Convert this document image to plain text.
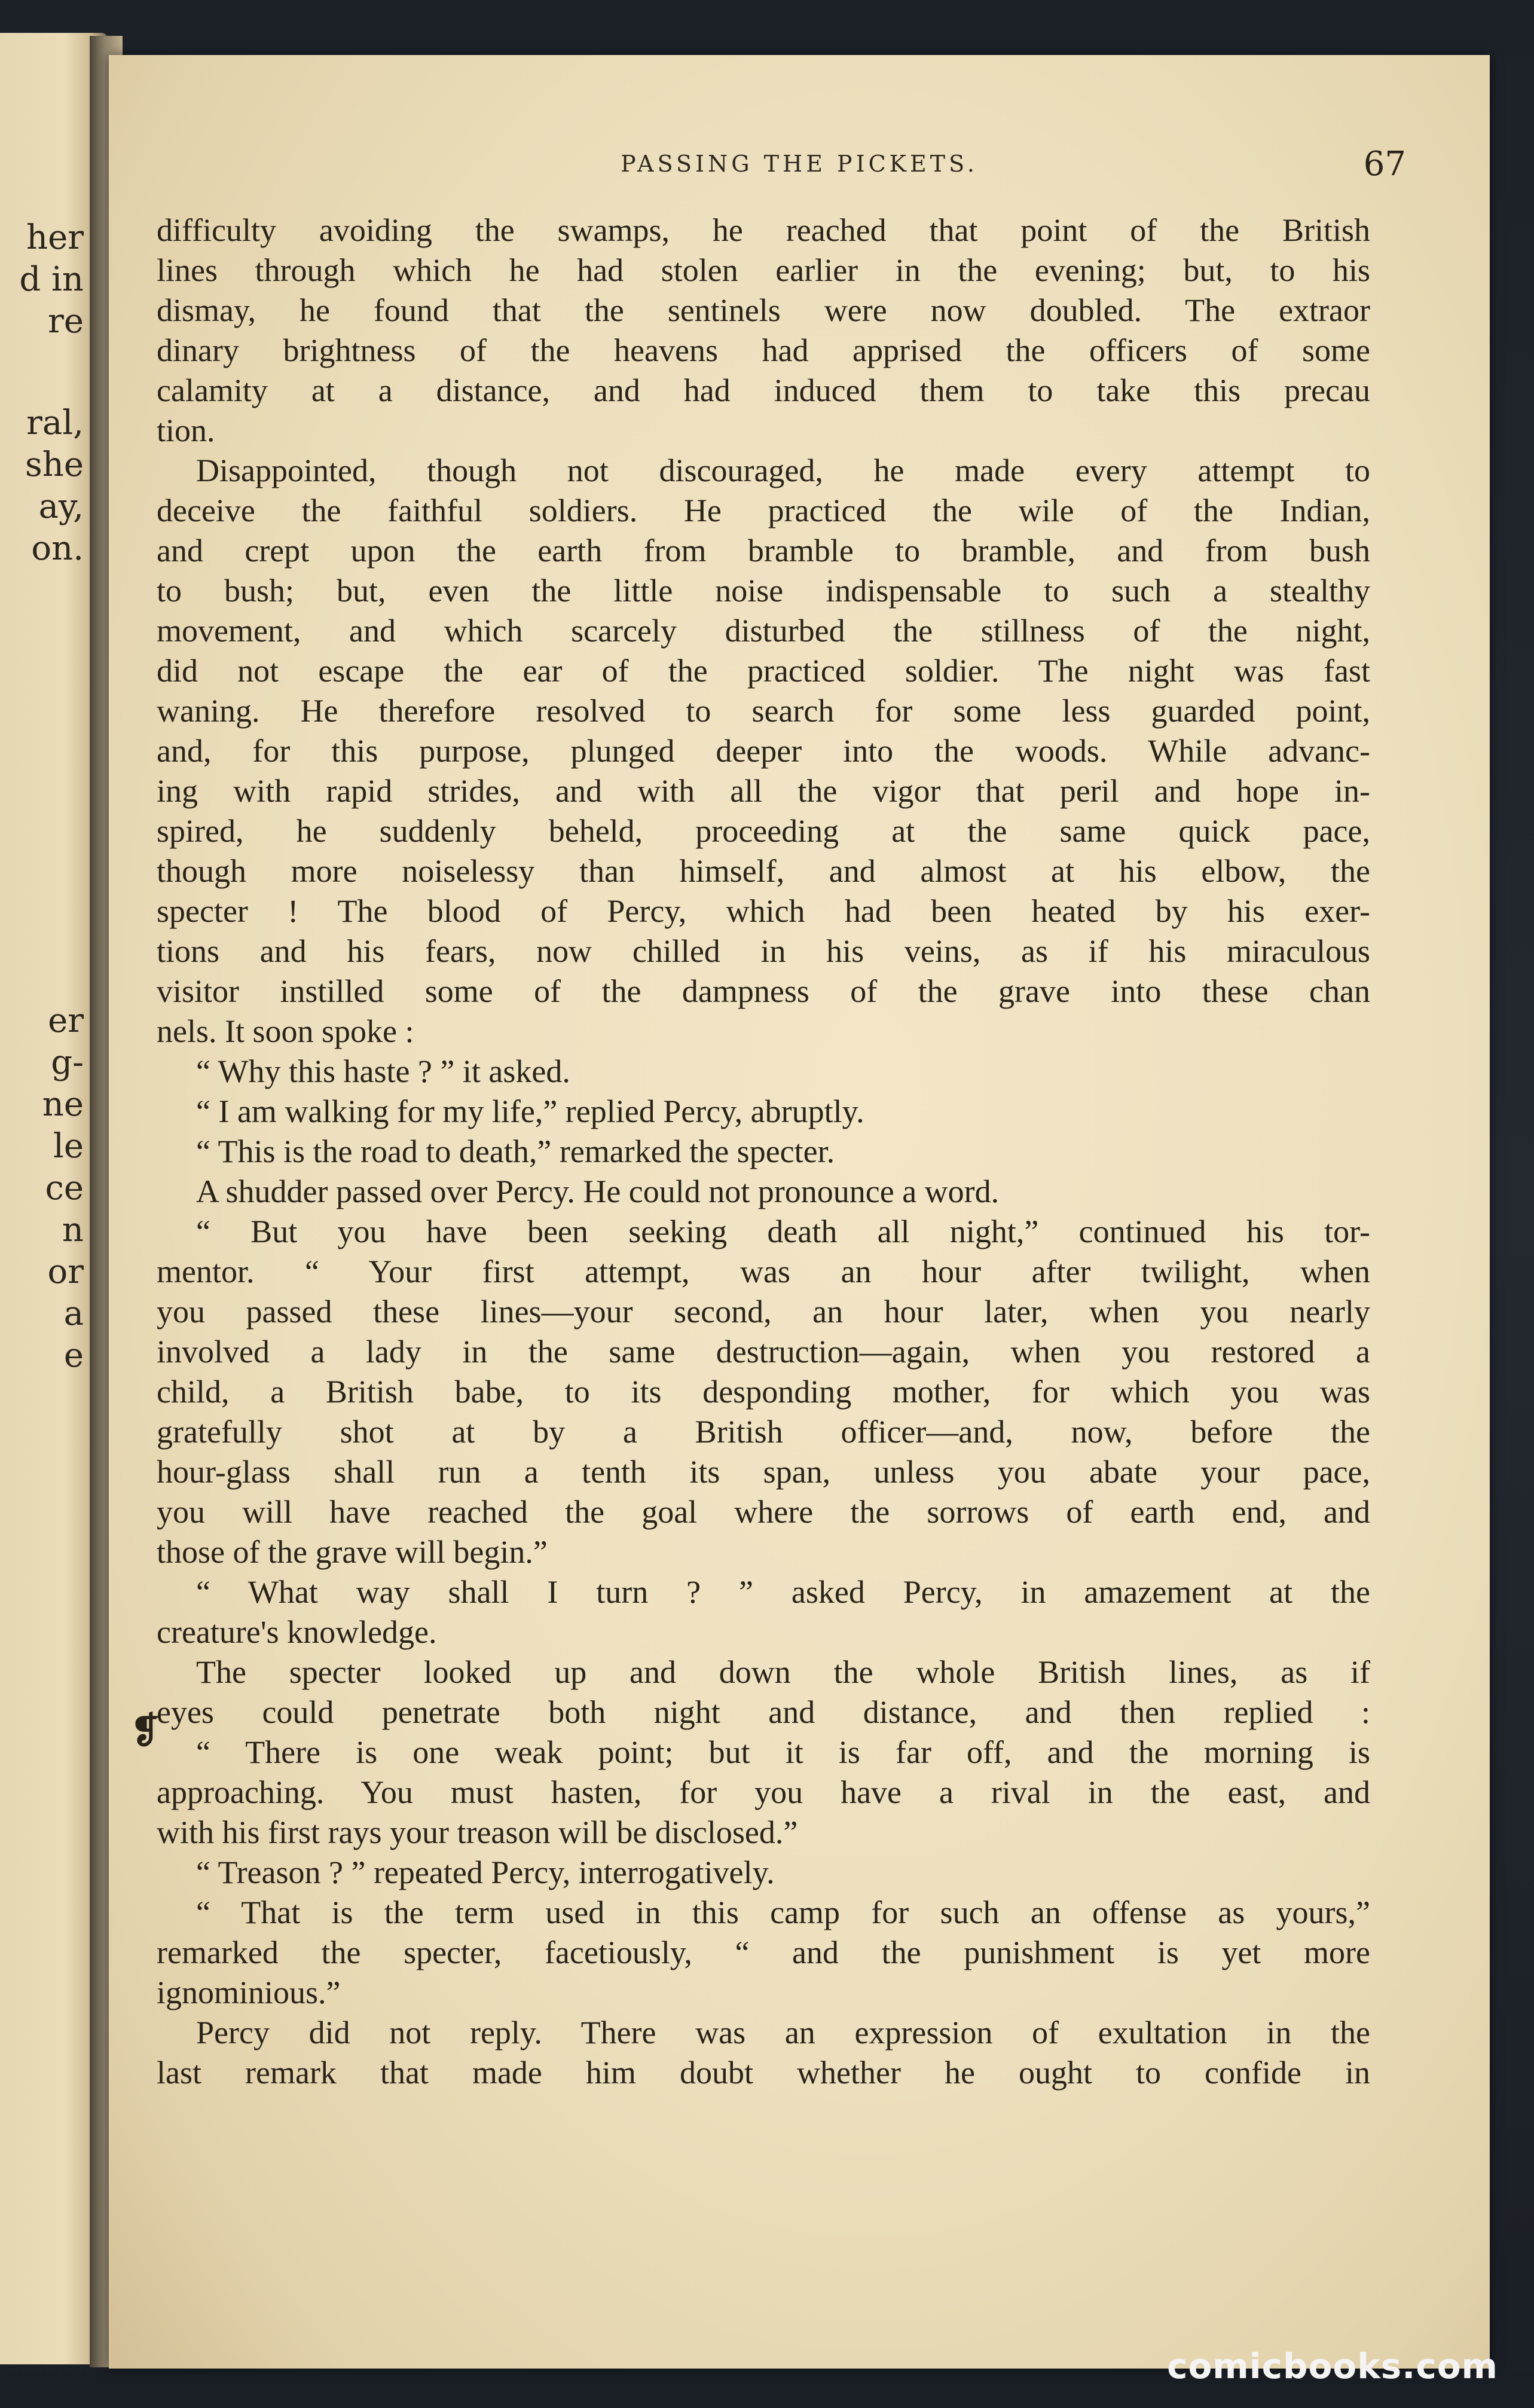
her
d in
re
ral,
she
ay,
on.
er
g-
ne
le
ce
n
or
a
e
PASSING THE PICKETS.	67
difficulty avoiding the swamps, he reached that point of the British
lines through which he had stolen earlier in the evening; but, to his
dismay, he found that the sentinels were now doubled. The extraor
dinary brightness of the heavens had apprised the officers of some
calamity at a distance, and had induced them to take this precau
tion.
Disappointed, though not discouraged, he made every attempt to
deceive the faithful soldiers. He practiced the wile of the Indian,
and crept upon the earth from bramble to bramble, and from bush
to bush; but, even the little noise indispensable to such a stealthy
movement, and which scarcely disturbed the stillness of the night,
did not escape the ear of the practiced soldier. The night was fast
waning. He therefore resolved to search for some less guarded point,
and, for this purpose, plunged deeper into the woods. While advanc-
ing with rapid strides, and with all the vigor that peril and hope in-
spired, he suddenly beheld, proceeding at the same quick pace,
though more noiselessy than himself, and almost at his elbow, the
specter ! The blood of Percy, which had been heated by his exer-
tions and his fears, now chilled in his veins, as if his miraculous
visitor instilled some of the dampness of the grave into these chan
nels. It soon spoke :
“ Why this haste ? ” it asked.
“ I am walking for my life,” replied Percy, abruptly.
“ This is the road to death,” remarked the specter.
A shudder passed over Percy. He could not pronounce a word.
“ But you have been seeking death all night,” continued his tor-
mentor. “ Your first attempt, was an hour after twilight, when
you passed these lines—your second, an hour later, when you nearly
involved a lady in the same destruction—again, when you restored a
child, a British babe, to its desponding mother, for which you was
gratefully shot at by a British officer—and, now, before the
hour-glass shall run a tenth its span, unless you abate your pace,
you will have reached the goal where the sorrows of earth end, and
those of the grave will begin.”
“ What way shall I turn ? ” asked Percy, in amazement at the
creature's knowledge.
The specter looked up and down the whole British lines, as if
eyes could penetrate both night and distance, and then replied :
“ There is one weak point; but it is far off, and the morning is
approaching. You must hasten, for you have a rival in the east, and
with his first rays your treason will be disclosed.”
“ Treason ? ” repeated Percy, interrogatively.
“ That is the term used in this camp for such an offense as yours,”
remarked the specter, facetiously, “ and the punishment is yet more
ignominious.”
Percy did not reply. There was an expression of exultation in the
last remark that made him doubt whether he ought to confide in
❡
comicbooks.com
